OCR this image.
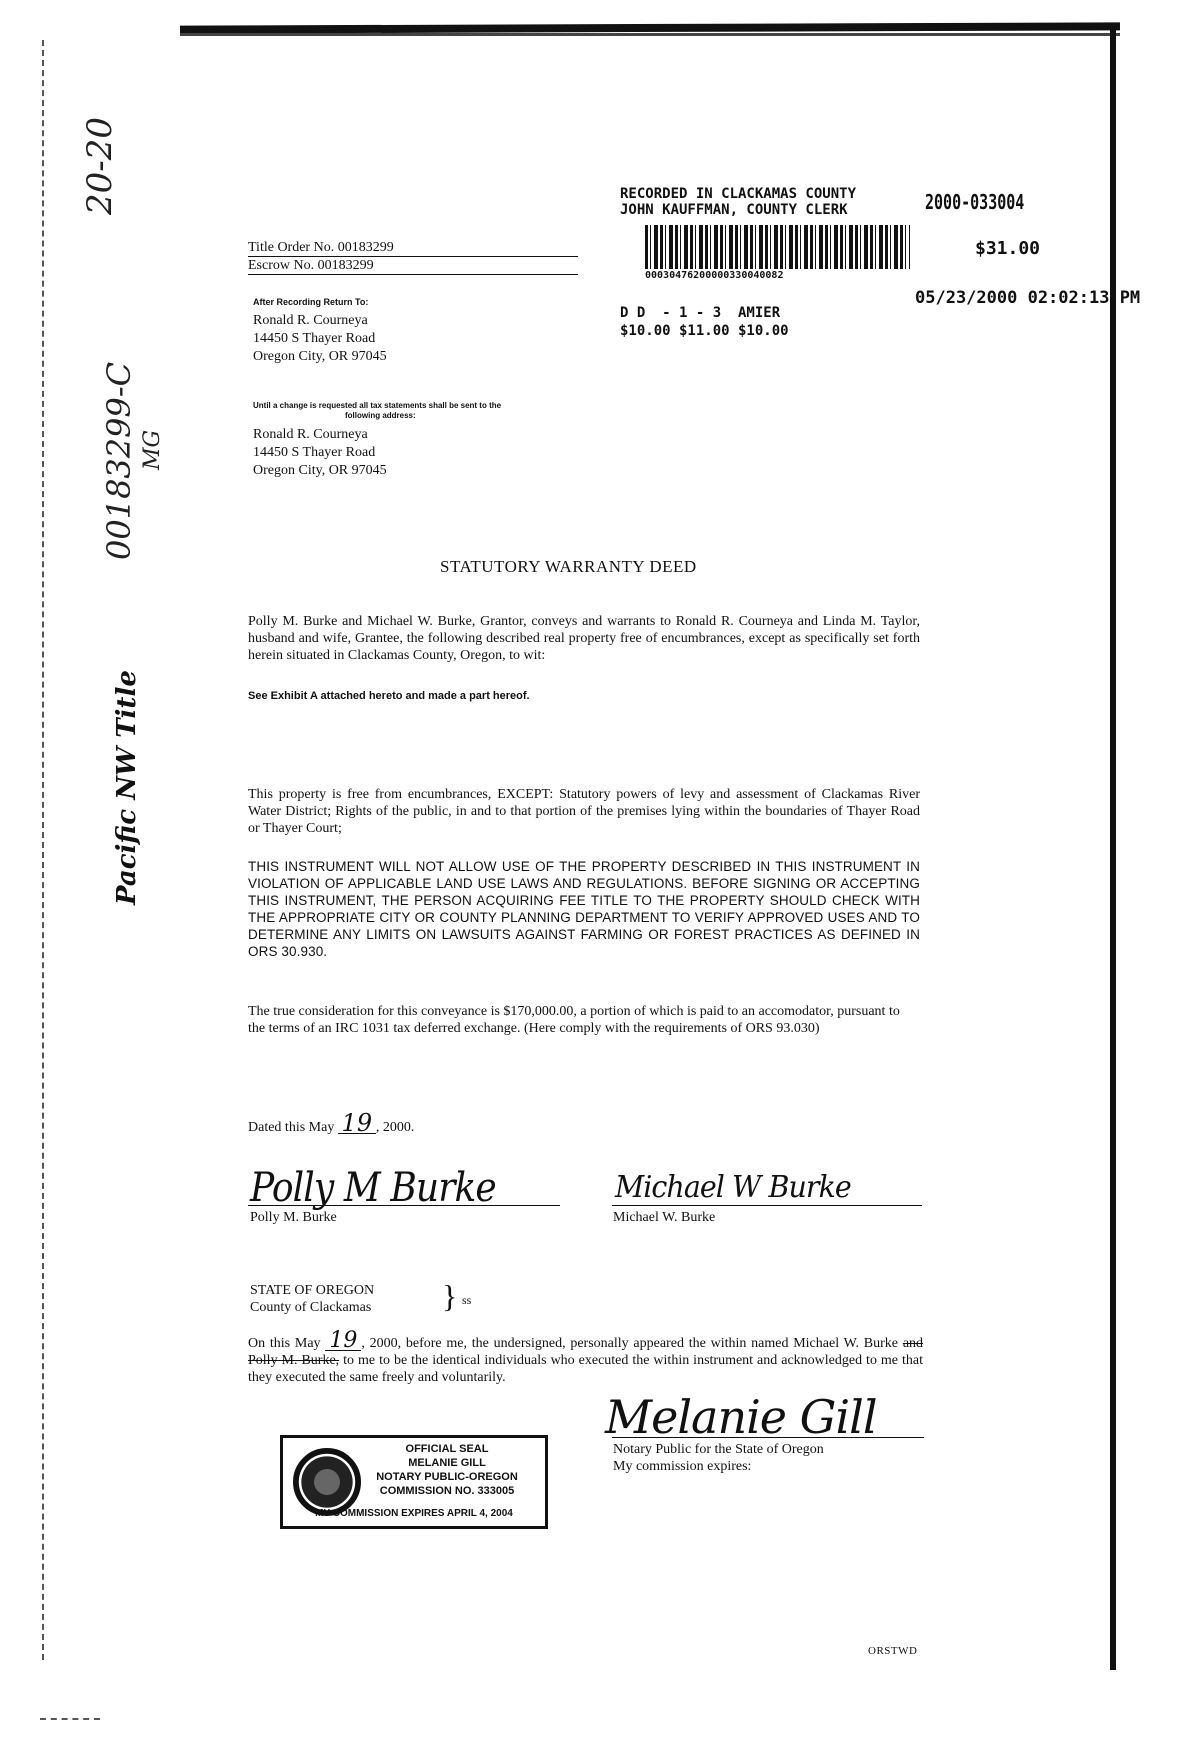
20-20
00183299-C MG
Pacific NW Title
RECORDED IN CLACKAMAS COUNTY
JOHN KAUFFMAN, COUNTY CLERK	2000-033004
00030476200000330040082
$31.00
05/23/2000 02:02:13 PM
D D  - 1 - 3  AMIER
$10.00 $11.00 $10.00
Title Order No. 00183299
Escrow No. 00183299
After Recording Return To:
Ronald R. Courneya
14450 S Thayer Road
Oregon City, OR 97045
Until a change is requested all tax statements shall be sent to the
following address:
Ronald R. Courneya
14450 S Thayer Road
Oregon City, OR 97045
STATUTORY WARRANTY DEED
Polly M. Burke and Michael W. Burke, Grantor, conveys and warrants to Ronald R. Courneya and Linda M. Taylor, husband and wife, Grantee, the following described real property free of encumbrances, except as specifically set forth herein situated in Clackamas County, Oregon, to wit:
See Exhibit A attached hereto and made a part hereof.
This property is free from encumbrances, EXCEPT: Statutory powers of levy and assessment of Clackamas River Water District; Rights of the public, in and to that portion of the premises lying within the boundaries of Thayer Road or Thayer Court;
THIS INSTRUMENT WILL NOT ALLOW USE OF THE PROPERTY DESCRIBED IN THIS INSTRUMENT IN VIOLATION OF APPLICABLE LAND USE LAWS AND REGULATIONS. BEFORE SIGNING OR ACCEPTING THIS INSTRUMENT, THE PERSON ACQUIRING FEE TITLE TO THE PROPERTY SHOULD CHECK WITH THE APPROPRIATE CITY OR COUNTY PLANNING DEPARTMENT TO VERIFY APPROVED USES AND TO DETERMINE ANY LIMITS ON LAWSUITS AGAINST FARMING OR FOREST PRACTICES AS DEFINED IN ORS 30.930.
The true consideration for this conveyance is $170,000.00, a portion of which is paid to an accomodator, pursuant to the terms of an IRC 1031 tax deferred exchange. (Here comply with the requirements of ORS 93.030)
Dated this May 19 , 2000.
Polly M Burke
Polly M. Burke
Michael W Burke
Michael W. Burke
STATE OF OREGON
County of Clackamas } ss
On this May 19 , 2000, before me, the undersigned, personally appeared the within named Michael W. Burke and Polly M. Burke, to me to be the identical individuals who executed the within instrument and acknowledged to me that they executed the same freely and voluntarily.
Melanie Gill
Notary Public for the State of Oregon
My commission expires:
OFFICIAL SEAL
MELANIE GILL
NOTARY PUBLIC-OREGON
COMMISSION NO. 333005
MY COMMISSION EXPIRES APRIL 4, 2004
ORSTWD
